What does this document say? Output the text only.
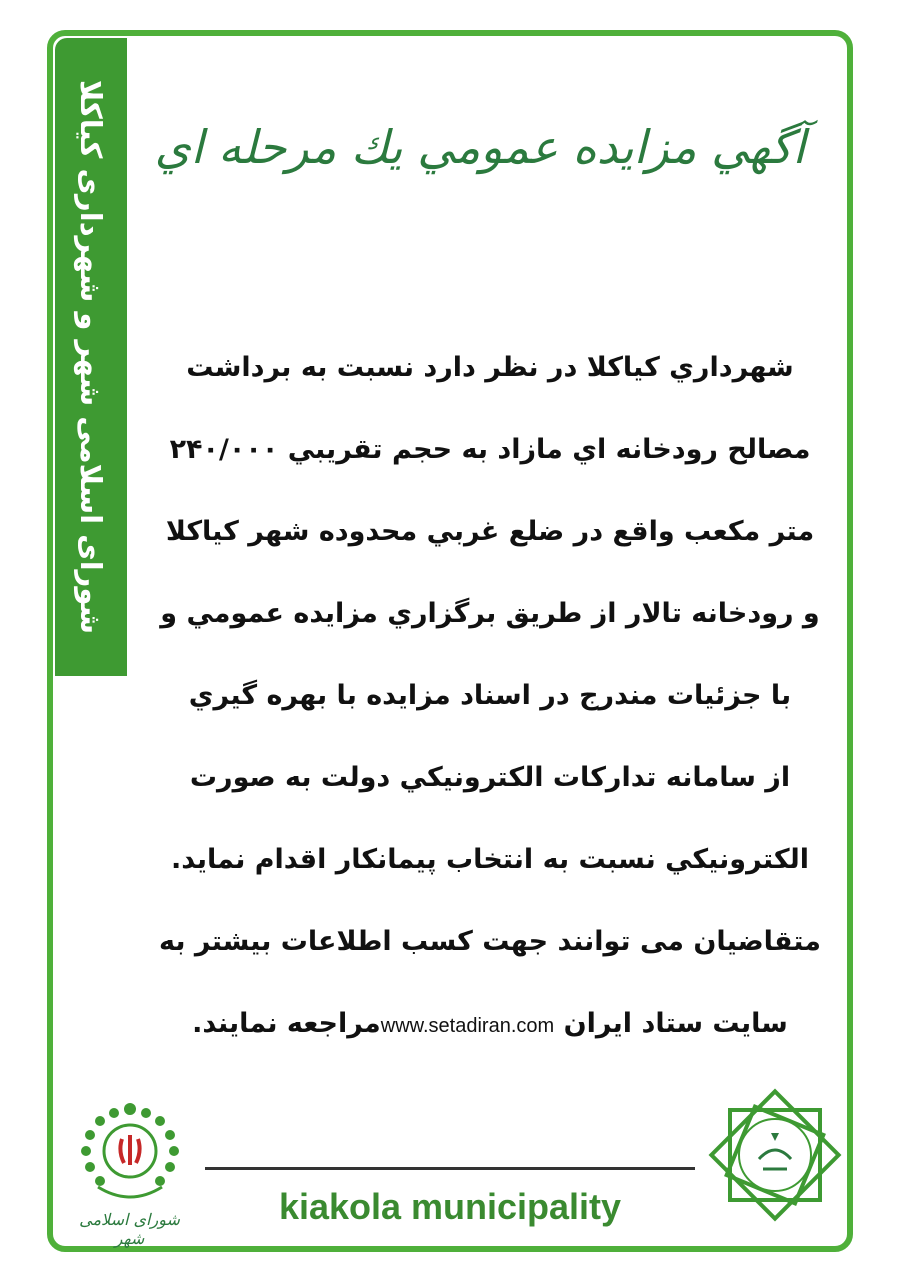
شورای اسلامی شهر و شهرداری کیاکلا آگهي مزايده عمومي يك مرحله اي
شهرداري كياكلا در نظر دارد نسبت به برداشت
مصالح رودخانه اي مازاد به حجم تقريبي ۲۴۰/۰۰۰
متر مكعب واقع در ضلع غربي محدوده شهر كياكلا
و رودخانه تالار از طريق برگزاري مزايده عمومي و
با جزئيات مندرج در اسناد مزايده با بهره گيري
از سامانه تداركات الكترونيكي دولت به صورت
الكترونيكي نسبت به انتخاب پيمانكار اقدام نمايد.
متقاضيان می توانند جهت كسب اطلاعات بيشتر به
سايت ستاد ايران www.setadiran.comمراجعه نمايند.
شورای اسلامی شهر
kiakola municipality
